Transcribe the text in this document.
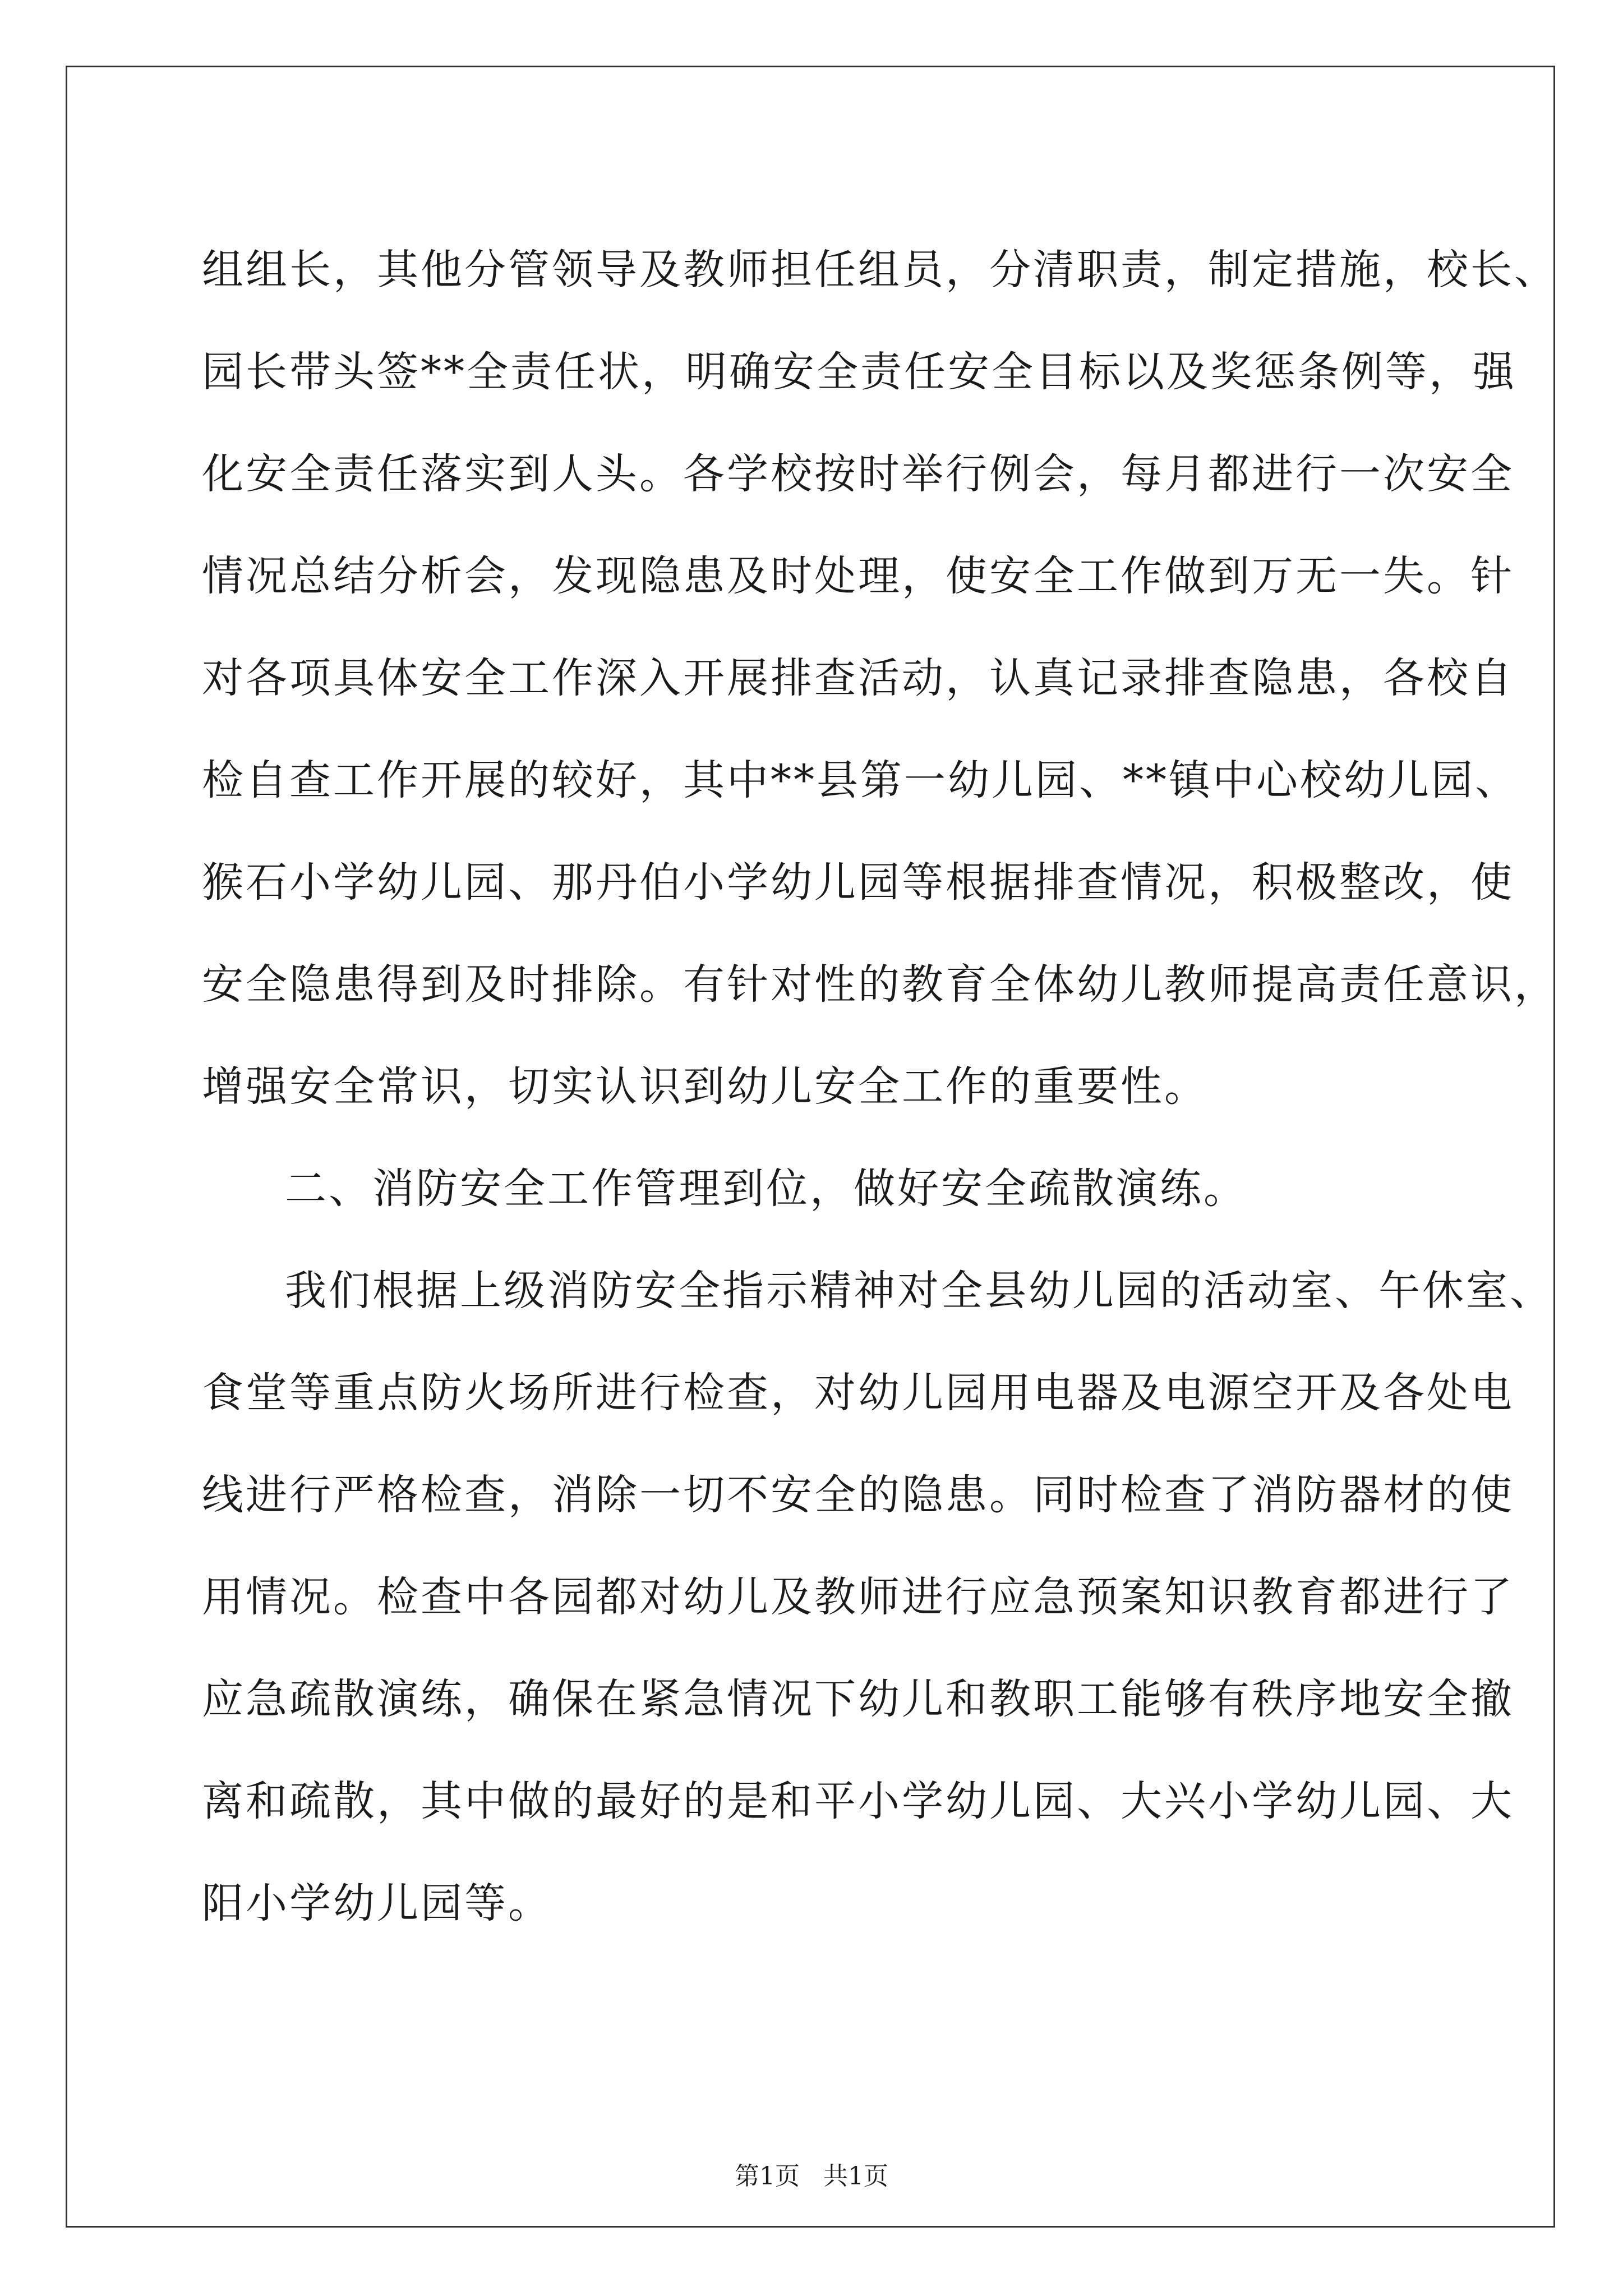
组组长，其他分管领导及教师担任组员，分清职责，制定措施，校长、
园长带头签**全责任状，明确安全责任安全目标以及奖惩条例等，强
化安全责任落实到人头。各学校按时举行例会，每月都进行一次安全
情况总结分析会，发现隐患及时处理，使安全工作做到万无一失。针
对各项具体安全工作深入开展排查活动，认真记录排查隐患，各校自
检自查工作开展的较好，其中**县第一幼儿园、**镇中心校幼儿园、
猴石小学幼儿园、那丹伯小学幼儿园等根据排查情况，积极整改，使
安全隐患得到及时排除。有针对性的教育全体幼儿教师提高责任意识，
增强安全常识，切实认识到幼儿安全工作的重要性。
二、消防安全工作管理到位，做好安全疏散演练。
我们根据上级消防安全指示精神对全县幼儿园的活动室、午休室、
食堂等重点防火场所进行检查，对幼儿园用电器及电源空开及各处电
线进行严格检查，消除一切不安全的隐患。同时检查了消防器材的使
用情况。检查中各园都对幼儿及教师进行应急预案知识教育都进行了
应急疏散演练，确保在紧急情况下幼儿和教职工能够有秩序地安全撤
离和疏散，其中做的最好的是和平小学幼儿园、大兴小学幼儿园、大
阳小学幼儿园等。
第1页   共1页
